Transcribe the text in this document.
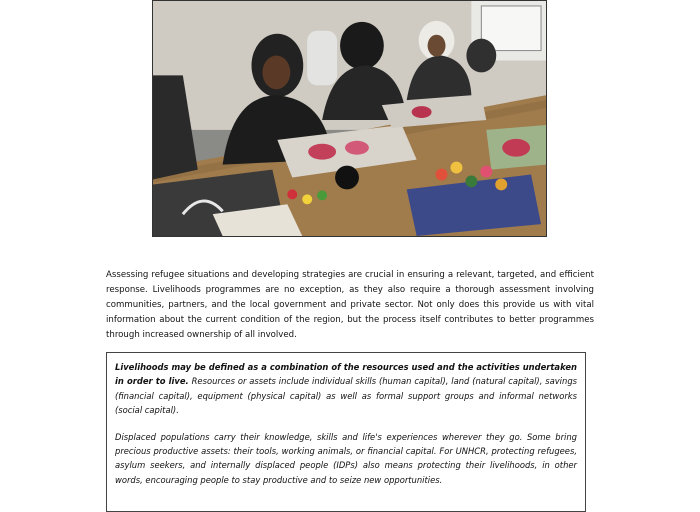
Assessing refugee situations and developing strategies are crucial in ensuring a relevant, targeted, and efficient response. Livelihoods programmes are no exception, as they also require a thorough assessment involving communities, partners, and the local government and private sector. Not only does this provide us with vital information about the current condition of the region, but the process itself contributes to better programmes through increased ownership of all involved.

Livelihoods may be defined as a combination of the resources used and the activities undertaken in order to live. Resources or assets include individual skills (human capital), land (natural capital), savings (financial capital), equipment (physical capital) as well as formal support groups and informal networks (social capital).

Displaced populations carry their knowledge, skills and life's experiences wherever they go. Some bring precious productive assets: their tools, working animals, or financial capital. For UNHCR, protecting refugees, asylum seekers, and internally displaced people (IDPs) also means protecting their livelihoods, in other words, encouraging people to stay productive and to seize new opportunities.
